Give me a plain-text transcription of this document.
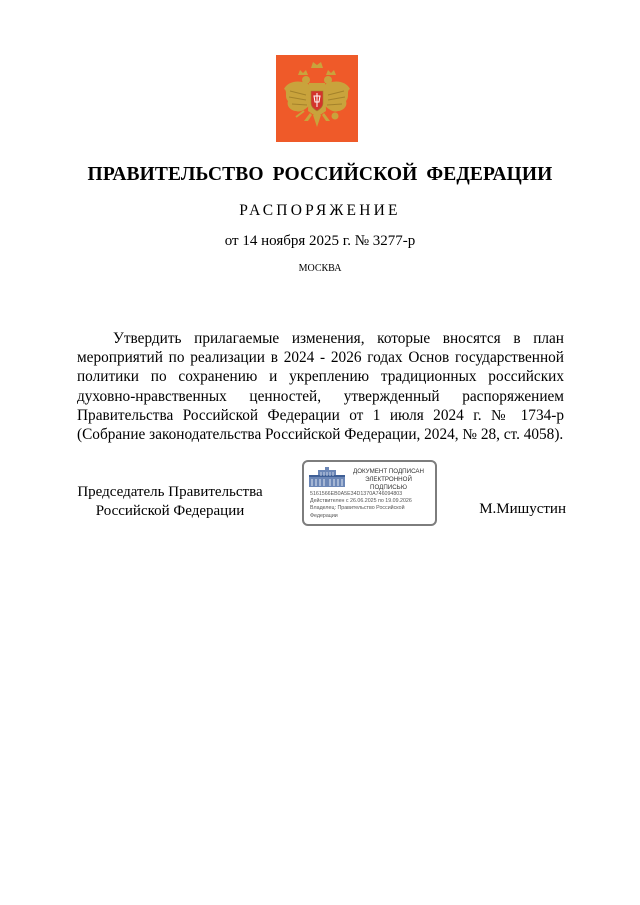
ПРАВИТЕЛЬСТВО РОССИЙСКОЙ ФЕДЕРАЦИИ
РАСПОРЯЖЕНИЕ
от 14 ноября 2025 г. № 3277-р
МОСКВА
Утвердить прилагаемые изменения, которые вносятся в план
мероприятий по реализации в 2024 - 2026 годах Основ государственной
политики по сохранению и укреплению традиционных российских
духовно-нравственных ценностей, утвержденный распоряжением
Правительства Российской Федерации от 1 июля 2024 г. № 1734-р
(Собрание законодательства Российской Федерации, 2024, № 28, ст. 4058).
Председатель Правительства
Российской Федерации
ДОКУМЕНТ ПОДПИСАН
ЭЛЕКТРОННОЙ ПОДПИСЬЮ
5161566EB0A5E34D1370A746094803
Действителен с 26.06.2025 по 19.09.2026
Владелец: Правительство Российской
Федерации	М.Мишустин
